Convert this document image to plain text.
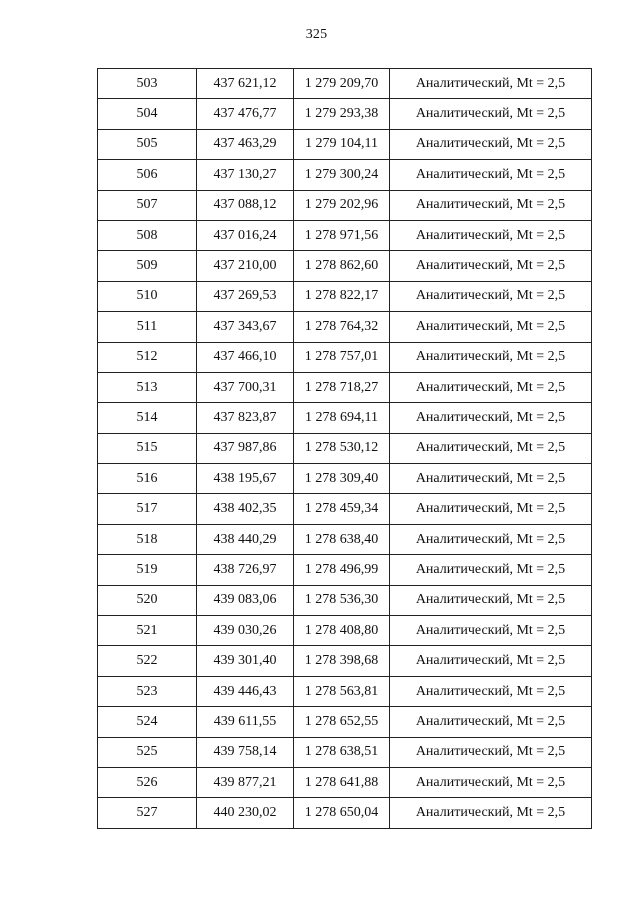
325
503	437 621,12	1 279 209,70	Аналитический, Mt = 2,5
504	437 476,77	1 279 293,38	Аналитический, Mt = 2,5
505	437 463,29	1 279 104,11	Аналитический, Mt = 2,5
506	437 130,27	1 279 300,24	Аналитический, Mt = 2,5
507	437 088,12	1 279 202,96	Аналитический, Mt = 2,5
508	437 016,24	1 278 971,56	Аналитический, Mt = 2,5
509	437 210,00	1 278 862,60	Аналитический, Mt = 2,5
510	437 269,53	1 278 822,17	Аналитический, Mt = 2,5
511	437 343,67	1 278 764,32	Аналитический, Mt = 2,5
512	437 466,10	1 278 757,01	Аналитический, Mt = 2,5
513	437 700,31	1 278 718,27	Аналитический, Mt = 2,5
514	437 823,87	1 278 694,11	Аналитический, Mt = 2,5
515	437 987,86	1 278 530,12	Аналитический, Mt = 2,5
516	438 195,67	1 278 309,40	Аналитический, Mt = 2,5
517	438 402,35	1 278 459,34	Аналитический, Mt = 2,5
518	438 440,29	1 278 638,40	Аналитический, Mt = 2,5
519	438 726,97	1 278 496,99	Аналитический, Mt = 2,5
520	439 083,06	1 278 536,30	Аналитический, Mt = 2,5
521	439 030,26	1 278 408,80	Аналитический, Mt = 2,5
522	439 301,40	1 278 398,68	Аналитический, Mt = 2,5
523	439 446,43	1 278 563,81	Аналитический, Mt = 2,5
524	439 611,55	1 278 652,55	Аналитический, Mt = 2,5
525	439 758,14	1 278 638,51	Аналитический, Mt = 2,5
526	439 877,21	1 278 641,88	Аналитический, Mt = 2,5
527	440 230,02	1 278 650,04	Аналитический, Mt = 2,5
